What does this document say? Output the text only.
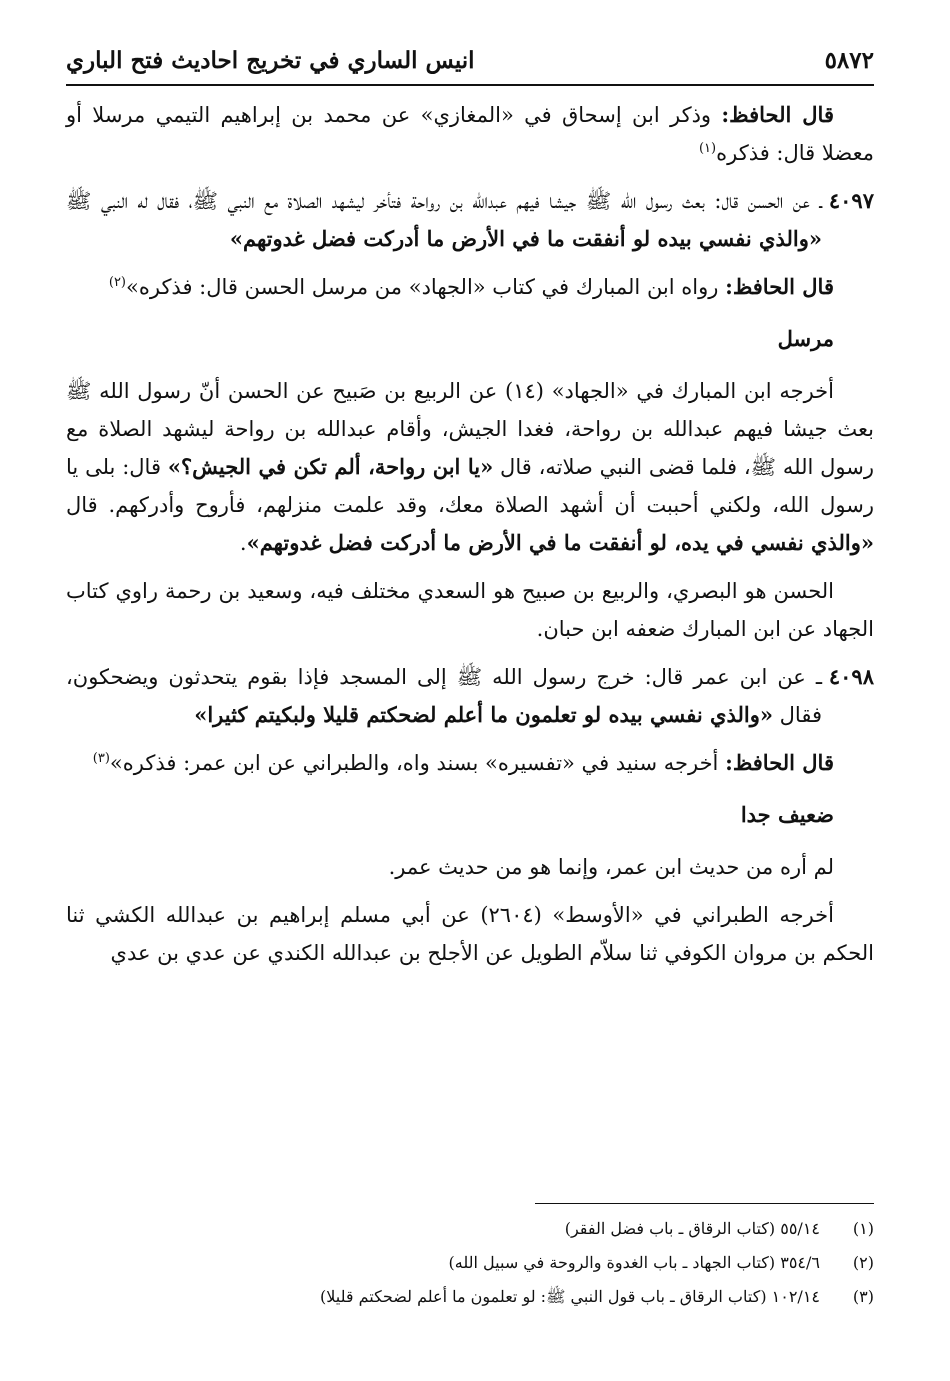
٥٨٧٢
انيس الساري في تخريج احاديث فتح الباري

قال الحافظ: وذكر ابن إسحاق في «المغازي» عن محمد بن إبراهيم التيمي مرسلا أو معضلا قال: فذكره$^{(١)}$

٤٠٩٧
ـ عن الحسن قال: بعث رسول الله ﷺ جيشا فيهم عبدالله بن رواحة فتأخر ليشهد الصلاة مع النبي ﷺ، فقال له النبي ﷺ «والذي نفسي بيده لو أنفقت ما في الأرض ما أدركت فضل غدوتهم»

قال الحافظ: رواه ابن المبارك في كتاب «الجهاد» من مرسل الحسن قال: فذكره»$^{(٢)}$

مرسل

أخرجه ابن المبارك في «الجهاد» (١٤) عن الربيع بن صَبيح عن الحسن أنّ رسول الله ﷺ بعث جيشا فيهم عبدالله بن رواحة، فغدا الجيش، وأقام عبدالله بن رواحة ليشهد الصلاة مع رسول الله ﷺ، فلما قضى النبي صلاته، قال «يا ابن رواحة، ألم تكن في الجيش؟» قال: بلى يا رسول الله، ولكني أحببت أن أشهد الصلاة معك، وقد علمت منزلهم، فأروح وأدركهم. قال «والذي نفسي في يده، لو أنفقت ما في الأرض ما أدركت فضل غدوتهم».

الحسن هو البصري، والربيع بن صبيح هو السعدي مختلف فيه، وسعيد بن رحمة راوي كتاب الجهاد عن ابن المبارك ضعفه ابن حبان.

٤٠٩٨
ـ عن ابن عمر قال: خرج رسول الله ﷺ إلى المسجد فإذا بقوم يتحدثون ويضحكون، فقال «والذي نفسي بيده لو تعلمون ما أعلم لضحكتم قليلا ولبكيتم كثيرا»

قال الحافظ: أخرجه سنيد في «تفسيره» بسند واه، والطبراني عن ابن عمر: فذكره»$^{(٣)}$

ضعيف جدا

لم أره من حديث ابن عمر، وإنما هو من حديث عمر.

أخرجه الطبراني في «الأوسط» (٢٦٠٤) عن أبي مسلم إبراهيم بن عبدالله الكشي ثنا الحكم بن مروان الكوفي ثنا سلاّم الطويل عن الأجلح بن عبدالله الكندي عن عدي بن عدي

(١)
٥٥/١٤ (كتاب الرقاق ـ باب فضل الفقر)
(٢)
٣٥٤/٦ (كتاب الجهاد ـ باب الغدوة والروحة في سبيل الله)
(٣)
١٠٢/١٤ (كتاب الرقاق ـ باب قول النبي ﷺ: لو تعلمون ما أعلم لضحكتم قليلا)
